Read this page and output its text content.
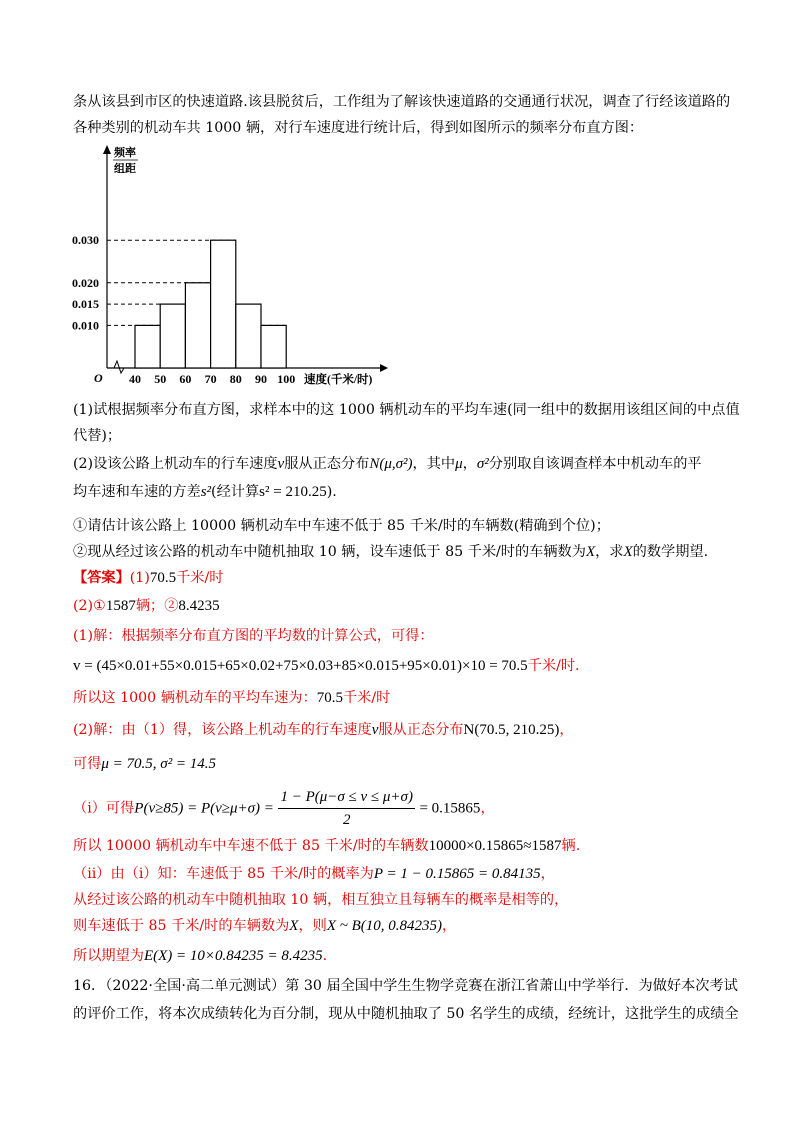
条从该县到市区的快速道路.该县脱贫后，工作组为了解该快速道路的交通通行状况，调查了行经该道路的
各种类别的机动车共 1000 辆，对行车速度进行统计后，得到如图所示的频率分布直方图：
频率
组距
O
0.030
0.020
0.015
0.010
40 50 60 70 80 90 100 速度(千米/时)
(1)试根据频率分布直方图，求样本中的这 1000 辆机动车的平均车速(同一组中的数据用该组区间的中点值
代替)；
(2)设该公路上机动车的行车速度v服从正态分布N(μ,σ²)，其中μ，σ²分别取自该调查样本中机动车的平
均车速和车速的方差s²(经计算s² = 210.25).
①请估计该公路上 10000 辆机动车中车速不低于 85 千米/时的车辆数(精确到个位)；
②现从经过该公路的机动车中随机抽取 10 辆，设车速低于 85 千米/时的车辆数为X，求X的数学期望.
【答案】(1)70.5千米/时
(2)①1587辆；②8.4235
(1)解：根据频率分布直方图的平均数的计算公式，可得：
v = (45×0.01+55×0.015+65×0.02+75×0.03+85×0.015+95×0.01)×10 = 70.5千米/时.
所以这 1000 辆机动车的平均车速为：70.5千米/时
(2)解：由（1）得，该公路上机动车的行车速度v服从正态分布N(70.5, 210.25)，
可得μ = 70.5, σ² = 14.5
（i）可得$P(v\ge 85) = P(v\ge\mu+\sigma) = \frac{1 - P(\mu-\sigma \le v \le \mu+\sigma)}{2} = 0.15865$，
所以 10000 辆机动车中车速不低于 85 千米/时的车辆数10000×0.15865≈1587辆.
（ii）由（i）知：车速低于 85 千米/时的概率为P = 1 − 0.15865 = 0.84135，
从经过该公路的机动车中随机抽取 10 辆，相互独立且每辆车的概率是相等的，
则车速低于 85 千米/时的车辆数为X，则X ~ B(10, 0.84235)，
所以期望为E(X) = 10×0.84235 = 8.4235.
16．（2022·全国·高二单元测试）第 30 届全国中学生生物学竞赛在浙江省萧山中学举行．为做好本次考试
的评价工作，将本次成绩转化为百分制，现从中随机抽取了 50 名学生的成绩，经统计，这批学生的成绩全
